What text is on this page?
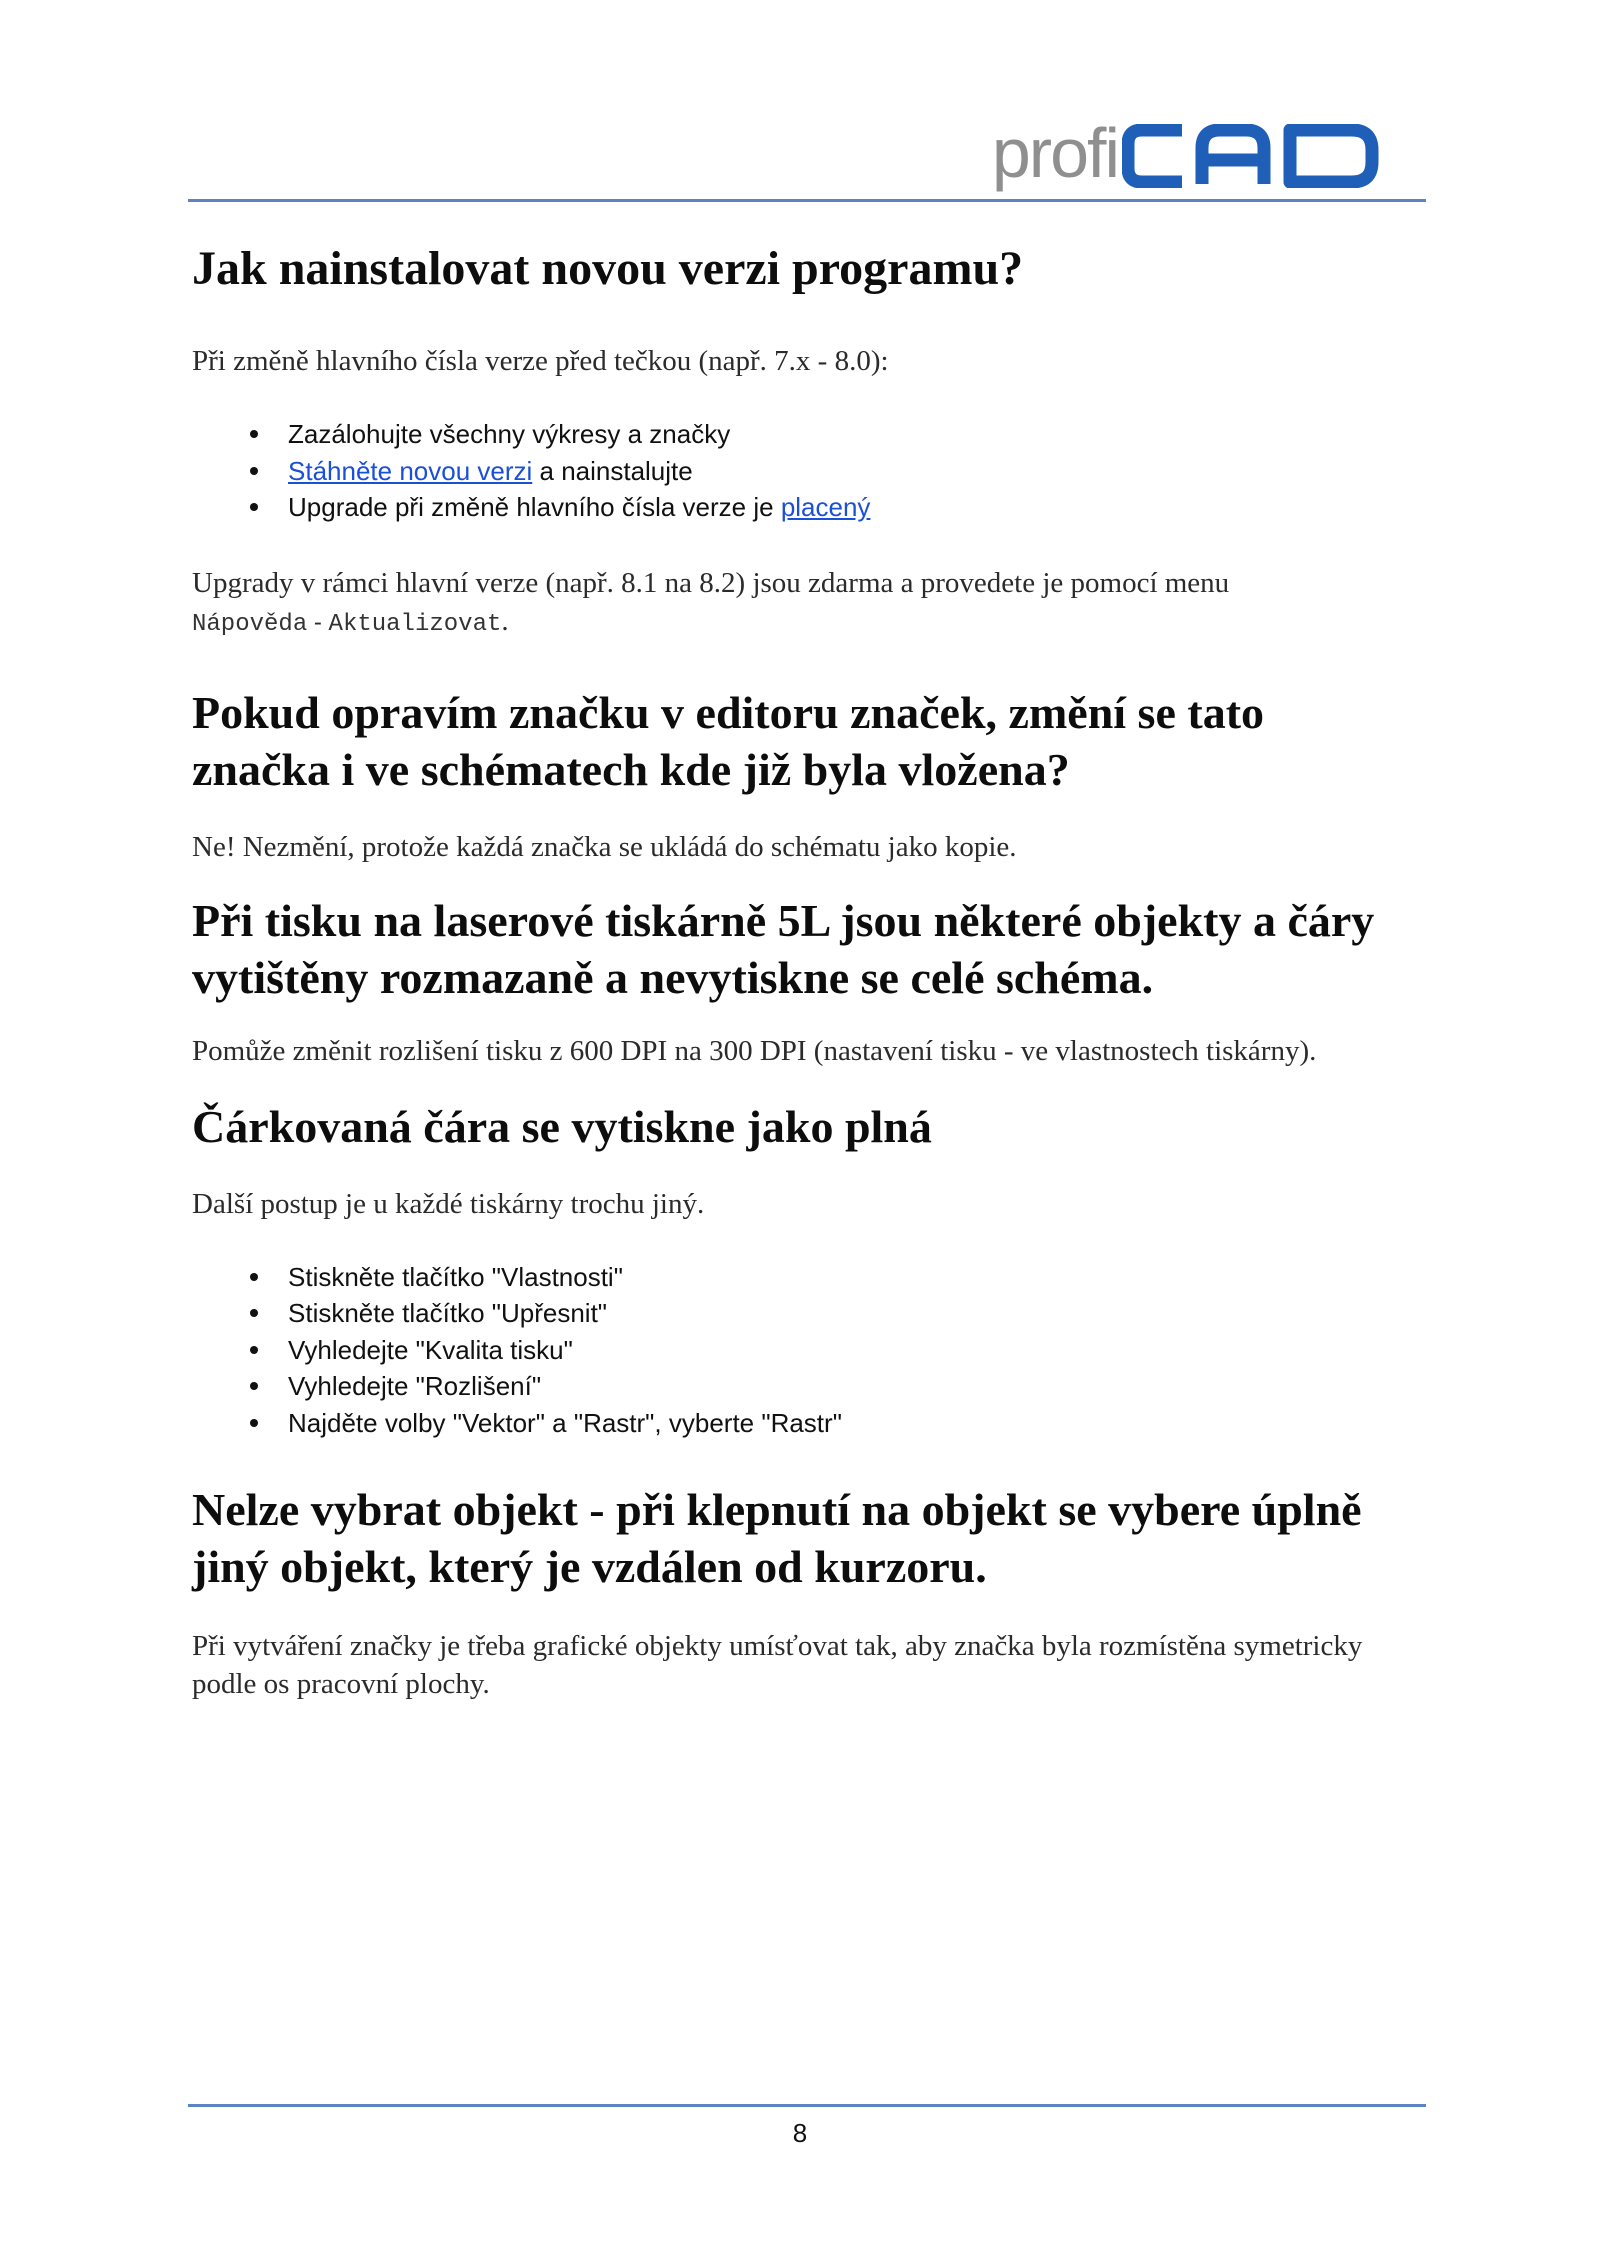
profi
Jak nainstalovat novou verzi programu?

Při změně hlavního čísla verze před tečkou (např. 7.x - 8.0):

Zazálohujte všechny výkresy a značky
Stáhněte novou verzi a nainstalujte
Upgrade při změně hlavního čísla verze je placený

Upgrady v rámci hlavní verze (např. 8.1 na 8.2) jsou zdarma a provedete je pomocí menu
Nápověda - Aktualizovat.

Pokud opravím značku v editoru značek, změní se tato značka i ve schématech kde již byla vložena?

Ne! Nezmění, protože každá značka se ukládá do schématu jako kopie.

Při tisku na laserové tiskárně 5L jsou některé objekty a čáry vytištěny rozmazaně a nevytiskne se celé schéma.

Pomůže změnit rozlišení tisku z 600 DPI na 300 DPI (nastavení tisku - ve vlastnostech tiskárny).

Čárkovaná čára se vytiskne jako plná

Další postup je u každé tiskárny trochu jiný.

Stiskněte tlačítko "Vlastnosti"
Stiskněte tlačítko "Upřesnit"
Vyhledejte "Kvalita tisku"
Vyhledejte "Rozlišení"
Najděte volby "Vektor" a "Rastr", vyberte "Rastr"
Nelze vybrat objekt - při klepnutí na objekt se vybere úplně jiný objekt, který je vzdálen od kurzoru.

Při vytváření značky je třeba grafické objekty umísťovat tak, aby značka byla rozmístěna symetricky podle os pracovní plochy.

8
